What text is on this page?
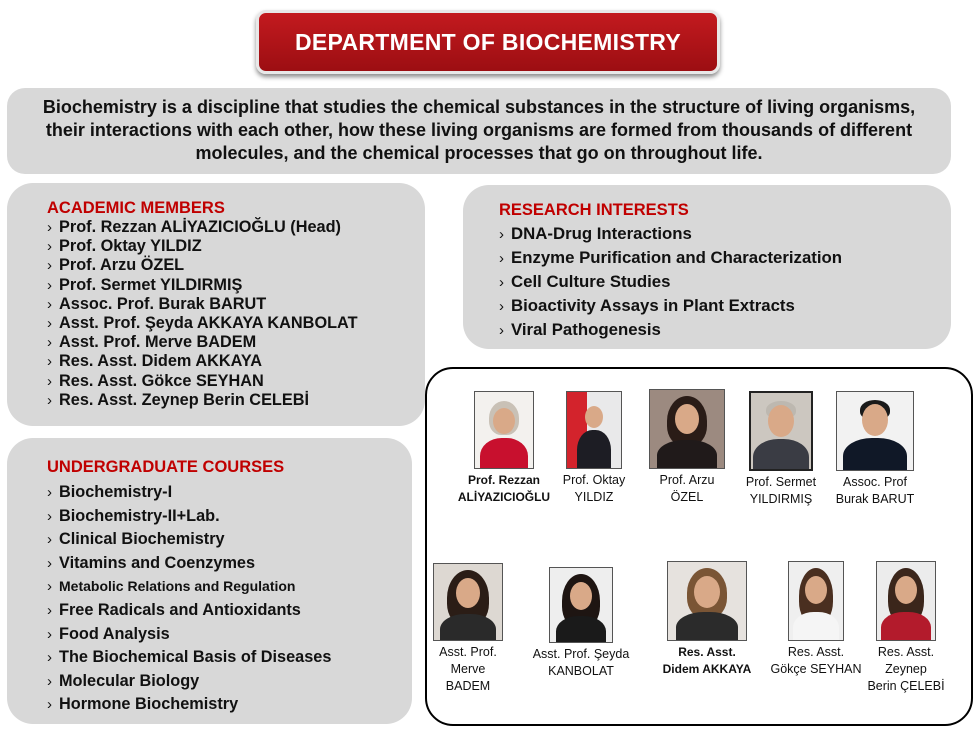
DEPARTMENT OF BIOCHEMISTRY
Biochemistry is a discipline that studies the chemical substances in the structure of living organisms, their interactions with each other, how these living organisms are formed from thousands of different molecules, and the chemical processes that go on throughout life.
ACADEMIC MEMBERS
› Prof. Rezzan ALİYAZICIOĞLU (Head)
› Prof. Oktay YILDIZ
› Prof. Arzu ÖZEL
› Prof. Sermet YILDIRMIŞ
› Assoc. Prof. Burak BARUT
› Asst. Prof. Şeyda AKKAYA KANBOLAT
› Asst. Prof. Merve BADEM
› Res. Asst. Didem AKKAYA
› Res. Asst. Gökce SEYHAN
› Res. Asst. Zeynep Berin CELEBİ
RESEARCH INTERESTS
› DNA-Drug Interactions
› Enzyme Purification and Characterization
› Cell Culture Studies
› Bioactivity Assays in Plant Extracts
› Viral Pathogenesis
UNDERGRADUATE COURSES
› Biochemistry-I
› Biochemistry-II+Lab.
› Clinical Biochemistry
› Vitamins and Coenzymes
› Metabolic Relations and Regulation
› Free Radicals and Antioxidants
› Food Analysis
› The Biochemical Basis of Diseases
› Molecular Biology
› Hormone Biochemistry
Prof. Rezzan
ALİYAZICIOĞLU
Prof. Oktay
YILDIZ
Prof. Arzu
ÖZEL
Prof. Sermet
YILDIRMIŞ
Assoc. Prof
Burak BARUT
Asst. Prof.
Merve
BADEM
Asst. Prof. Şeyda
KANBOLAT
Res. Asst.
Didem AKKAYA
Res. Asst.
Gökçe SEYHAN
Res. Asst.
Zeynep
Berin ÇELEBİ
